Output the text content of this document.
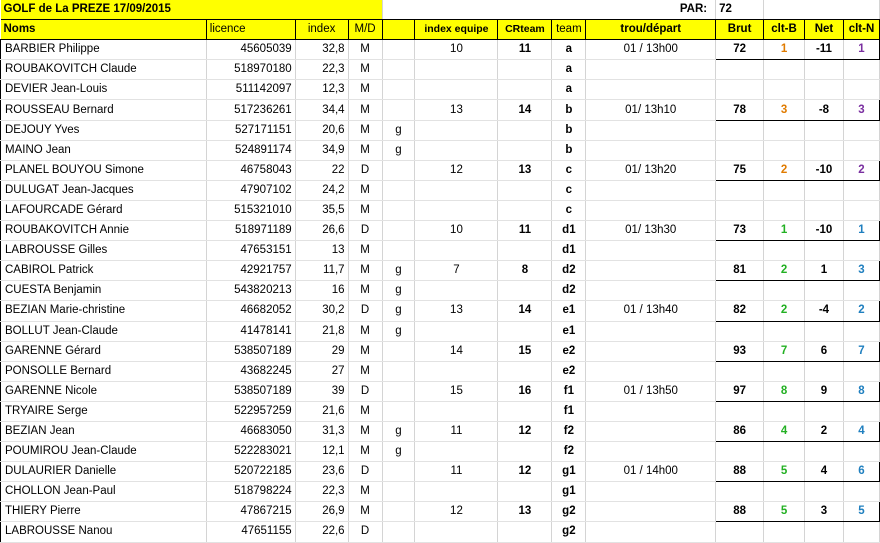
GOLF de La PREZE 17/09/2015				PAR:					72			
Noms	licence	index	M/D		index equipe	CRteam	team	trou/départ	Brut	clt-B	Net	clt-N
BARBIER Philippe	45605039	32,8	M		10	11	a	01 / 13h00	72	1	-11	1
ROUBAKOVITCH Claude	518970180	22,3	M				a					
DEVIER Jean-Louis	511142097	12,3	M				a					
ROUSSEAU Bernard	517236261	34,4	M		13	14	b	01/ 13h10	78	3	-8	3
DEJOUY Yves	527171151	20,6	M	g			b					
MAINO Jean	524891174	34,9	M	g			b					
PLANEL BOUYOU Simone	46758043	22	D		12	13	c	01/ 13h20	75	2	-10	2
DULUGAT Jean-Jacques	47907102	24,2	M				c					
LAFOURCADE Gérard	515321010	35,5	M				c					
ROUBAKOVITCH Annie	518971189	26,6	D		10	11	d1	01/ 13h30	73	1	-10	1
LABROUSSE Gilles	47653151	13	M				d1					
CABIROL Patrick	42921757	11,7	M	g	7	8	d2		81	2	1	3
CUESTA Benjamin	543820213	16	M	g			d2					
BEZIAN Marie-christine	46682052	30,2	D	g	13	14	e1	01 / 13h40	82	2	-4	2
BOLLUT Jean-Claude	41478141	21,8	M	g			e1					
GARENNE Gérard	538507189	29	M		14	15	e2		93	7	6	7
PONSOLLE Bernard	43682245	27	M				e2					
GARENNE Nicole	538507189	39	D		15	16	f1	01 / 13h50	97	8	9	8
TRYAIRE Serge	522957259	21,6	M				f1					
BEZIAN Jean	46683050	31,3	M	g	11	12	f2		86	4	2	4
POUMIROU Jean-Claude	522283021	12,1	M	g			f2					
DULAURIER Danielle	520722185	23,6	D		11	12	g1	01 / 14h00	88	5	4	6
CHOLLON Jean-Paul	518798224	22,3	M				g1					
THIERY Pierre	47867215	26,9	M		12	13	g2		88	5	3	5
LABROUSSE Nanou	47651155	22,6	D				g2					
